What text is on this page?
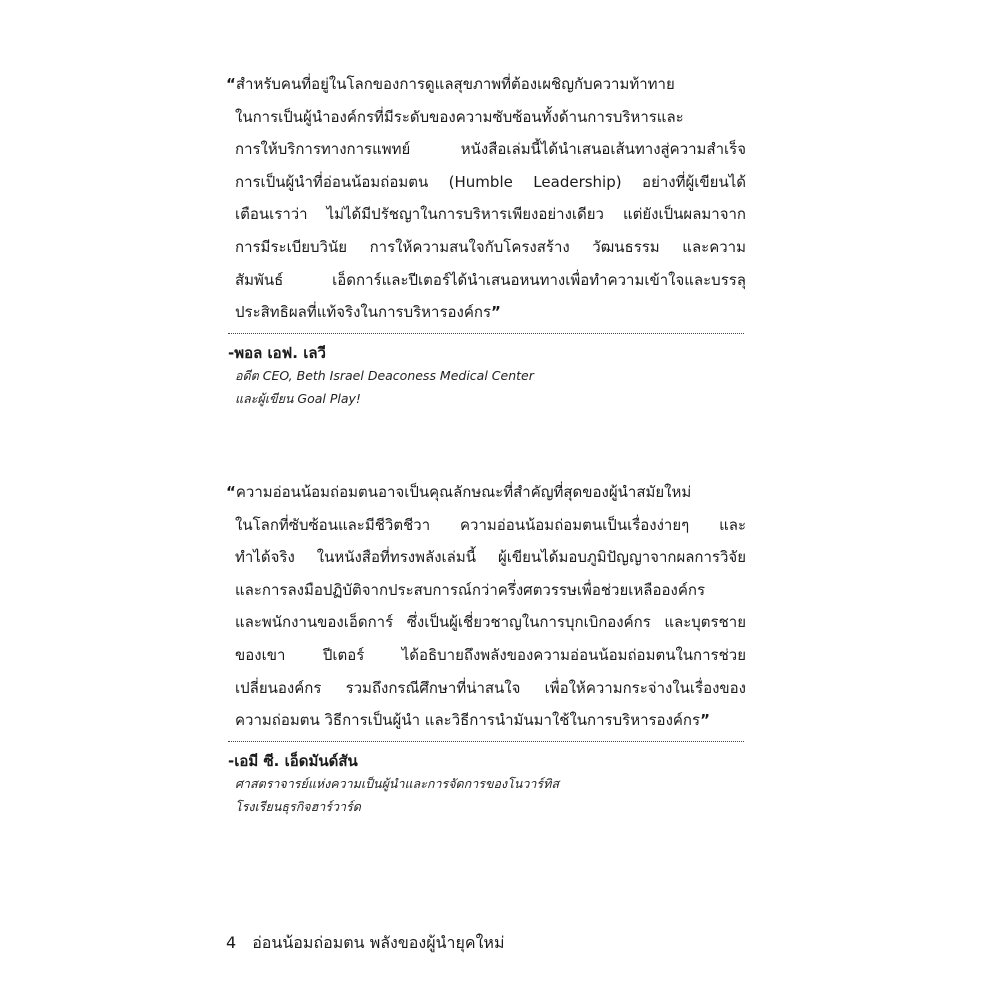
“สำหรับคนที่อยู่ในโลกของการดูแลสุขภาพที่ต้องเผชิญกับความท้าทาย
ในการเป็นผู้นำองค์กรที่มีระดับของความซับซ้อนทั้งด้านการบริหารและ
การให้บริการทางการแพทย์ หนังสือเล่มนี้ได้นำเสนอเส้นทางสู่ความสำเร็จ
การเป็นผู้นำที่อ่อนน้อมถ่อมตน (Humble Leadership) อย่างที่ผู้เขียนได้
เตือนเราว่า ไม่ได้มีปรัชญาในการบริหารเพียงอย่างเดียว แต่ยังเป็นผลมาจาก
การมีระเบียบวินัย การให้ความสนใจกับโครงสร้าง วัฒนธรรม และความ
สัมพันธ์ เอ็ดการ์และปีเตอร์ได้นำเสนอหนทางเพื่อทำความเข้าใจและบรรลุ
ประสิทธิผลที่แท้จริงในการบริหารองค์กร”
-พอล เอฟ. เลวี
อดีต CEO, Beth Israel Deaconess Medical Center
และผู้เขียน Goal Play!
“ความอ่อนน้อมถ่อมตนอาจเป็นคุณลักษณะที่สำคัญที่สุดของผู้นำสมัยใหม่
ในโลกที่ซับซ้อนและมีชีวิตชีวา ความอ่อนน้อมถ่อมตนเป็นเรื่องง่ายๆ และ
ทำได้จริง ในหนังสือที่ทรงพลังเล่มนี้ ผู้เขียนได้มอบภูมิปัญญาจากผลการวิจัย
และการลงมือปฏิบัติจากประสบการณ์กว่าครึ่งศตวรรษเพื่อช่วยเหลือองค์กร
และพนักงานของเอ็ดการ์ ซึ่งเป็นผู้เชี่ยวชาญในการบุกเบิกองค์กร และบุตรชาย
ของเขา ปีเตอร์ ได้อธิบายถึงพลังของความอ่อนน้อมถ่อมตนในการช่วย
เปลี่ยนองค์กร รวมถึงกรณีศึกษาที่น่าสนใจ เพื่อให้ความกระจ่างในเรื่องของ
ความถ่อมตน วิธีการเป็นผู้นำ และวิธีการนำมันมาใช้ในการบริหารองค์กร”
-เอมี ซี. เอ็ดมันด์สัน
ศาสตราจารย์แห่งความเป็นผู้นำและการจัดการของโนวาร์ทิส
โรงเรียนธุรกิจฮาร์วาร์ด
4 อ่อนน้อมถ่อมตน พลังของผู้นำยุคใหม่
